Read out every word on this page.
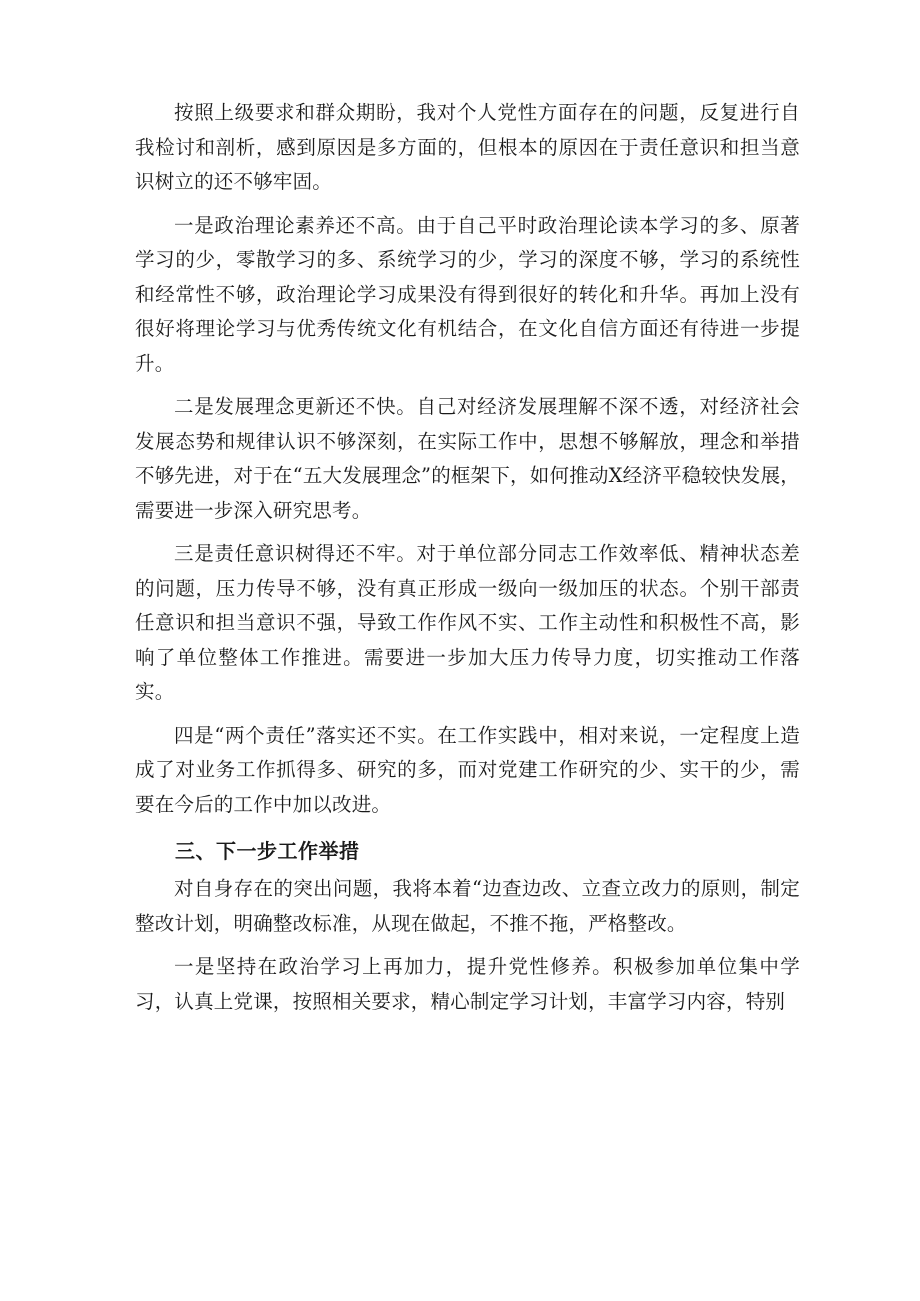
按照上级要求和群众期盼，我对个人党性方面存在的问题，反复进行自我检讨和剖析，感到原因是多方面的，但根本的原因在于责任意识和担当意识树立的还不够牢固。

一是政治理论素养还不高。由于自己平时政治理论读本学习的多、原著学习的少，零散学习的多、系统学习的少，学习的深度不够，学习的系统性和经常性不够，政治理论学习成果没有得到很好的转化和升华。再加上没有很好将理论学习与优秀传统文化有机结合，在文化自信方面还有待进一步提升。

二是发展理念更新还不快。自己对经济发展理解不深不透，对经济社会发展态势和规律认识不够深刻，在实际工作中，思想不够解放，理念和举措不够先进，对于在“五大发展理念”的框架下，如何推动X经济平稳较快发展，需要进一步深入研究思考。

三是责任意识树得还不牢。对于单位部分同志工作效率低、精神状态差的问题，压力传导不够，没有真正形成一级向一级加压的状态。个别干部责任意识和担当意识不强，导致工作作风不实、工作主动性和积极性不高，影响了单位整体工作推进。需要进一步加大压力传导力度，切实推动工作落实。

四是“两个责任”落实还不实。在工作实践中，相对来说，一定程度上造成了对业务工作抓得多、研究的多，而对党建工作研究的少、实干的少，需要在今后的工作中加以改进。

三、下一步工作举措

对自身存在的突出问题，我将本着“边查边改、立查立改力的原则，制定整改计划，明确整改标准，从现在做起，不推不拖，严格整改。

一是坚持在政治学习上再加力，提升党性修养。积极参加单位集中学习，认真上党课，按照相关要求，精心制定学习计划，丰富学习内容，特别
